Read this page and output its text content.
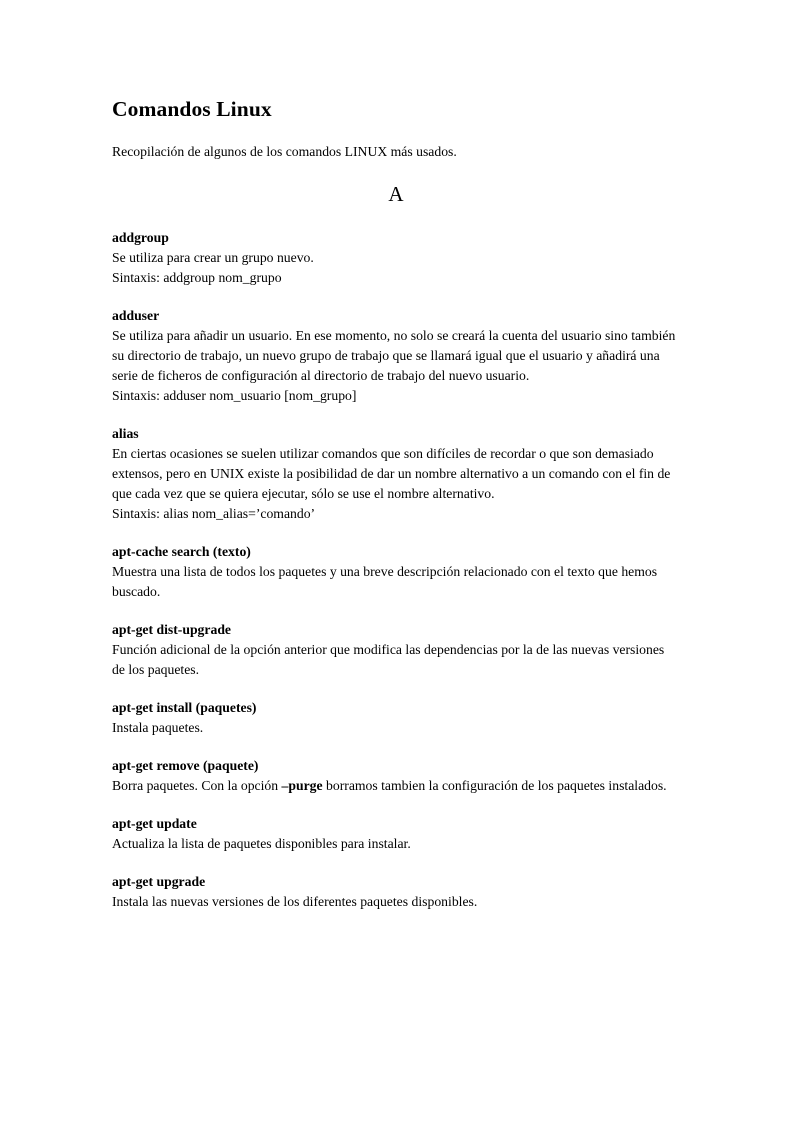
Comandos Linux

Recopilación de algunos de los comandos LINUX más usados.

A
addgroup
Se utiliza para crear un grupo nuevo.
Sintaxis: addgroup nom_grupo
adduser
Se utiliza para añadir un usuario. En ese momento, no solo se creará la cuenta del usuario sino también su directorio de trabajo, un nuevo grupo de trabajo que se llamará igual que el usuario y añadirá una serie de ficheros de configuración al directorio de trabajo del nuevo usuario.
Sintaxis: adduser nom_usuario [nom_grupo]
alias
En ciertas ocasiones se suelen utilizar comandos que son difíciles de recordar o que son demasiado extensos, pero en UNIX existe la posibilidad de dar un nombre alternativo a un comando con el fin de que cada vez que se quiera ejecutar, sólo se use el nombre alternativo.
Sintaxis: alias nom_alias=’comando’
apt-cache search (texto)
Muestra una lista de todos los paquetes y una breve descripción relacionado con el texto que hemos buscado.
apt-get dist-upgrade
Función adicional de la opción anterior que modifica las dependencias por la de las nuevas versiones de los paquetes.
apt-get install (paquetes)
Instala paquetes.
apt-get remove (paquete)
Borra paquetes. Con la opción –purge borramos tambien la configuración de los paquetes instalados.
apt-get update
Actualiza la lista de paquetes disponibles para instalar.
apt-get upgrade
Instala las nuevas versiones de los diferentes paquetes disponibles.
